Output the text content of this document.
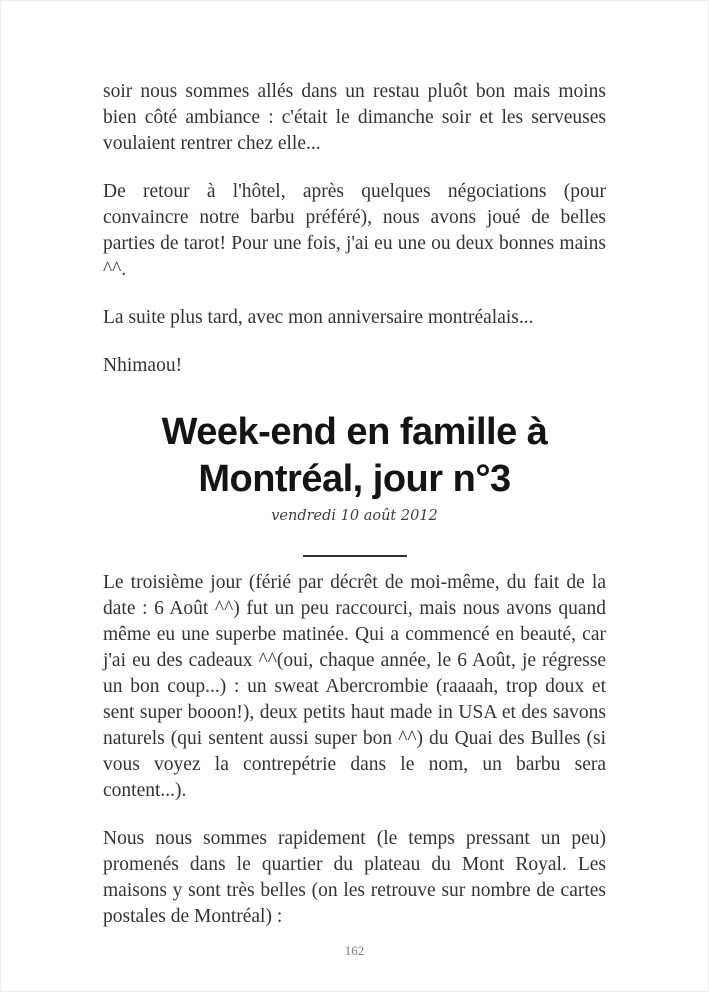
soir nous sommes allés dans un restau pluôt bon mais moins bien côté ambiance : c'était le dimanche soir et les serveuses voulaient rentrer chez elle...

De retour à l'hôtel, après quelques négociations (pour convaincre notre barbu préféré), nous avons joué de belles parties de tarot! Pour une fois, j'ai eu une ou deux bonnes mains ^^.

La suite plus tard, avec mon anniversaire montréalais...

Nhimaou!

Week-end en famille à
Montréal, jour n°3
vendredi 10 août 2012

Le troisième jour (férié par décrêt de moi-même, du fait de la date : 6 Août ^^) fut un peu raccourci, mais nous avons quand même eu une superbe matinée. Qui a commencé en beauté, car j'ai eu des cadeaux ^^(oui, chaque année, le 6 Août, je régresse un bon coup...) : un sweat Abercrombie (raaaah, trop doux et sent super booon!), deux petits haut made in USA et des savons naturels (qui sentent aussi super bon ^^) du Quai des Bulles (si vous voyez la contrepétrie dans le nom, un barbu sera content...).

Nous nous sommes rapidement (le temps pressant un peu) promenés dans le quartier du plateau du Mont Royal. Les maisons y sont très belles (on les retrouve sur nombre de cartes postales de Montréal) :

162
